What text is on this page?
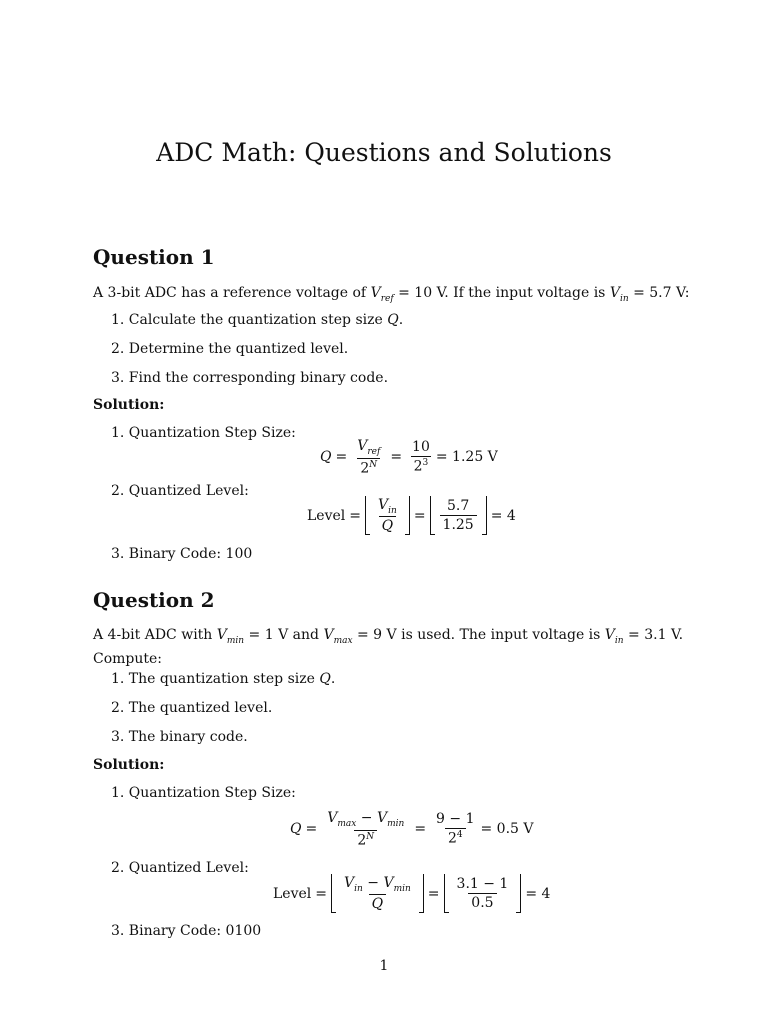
ADC Math: Questions and Solutions
Question 1
A 3-bit ADC has a reference voltage of $V_{ref} = 10$ V. If the input voltage is $V_{in} = 5.7$ V:
1. Calculate the quantization step size Q.
2. Determine the quantized level.
3. Find the corresponding binary code.
Solution:
1. Quantization Step Size:
$Q = \frac{V_{ref}}{2^N} = \frac{10}{2^3} = 1.25$ V
2. Quantized Level:
Level = $\frac{V_{in}}{Q} = \frac{5.7}{1.25} = 4$
3. Binary Code: 100
Question 2
A 4-bit ADC with $V_{min} = 1$ V and $V_{max} = 9$ V is used. The input voltage is $V_{in} = 3.1$ V.
Compute:
1. The quantization step size Q.
2. The quantized level.
3. The binary code.
Solution:
1. Quantization Step Size:
$Q = \frac{V_{max} - V_{min}}{2^N} = \frac{9 - 1}{2^4} = 0.5$ V
2. Quantized Level:
Level = $\frac{V_{in} - V_{min}}{Q} = \frac{3.1 - 1}{0.5} = 4$
3. Binary Code: 0100
1
